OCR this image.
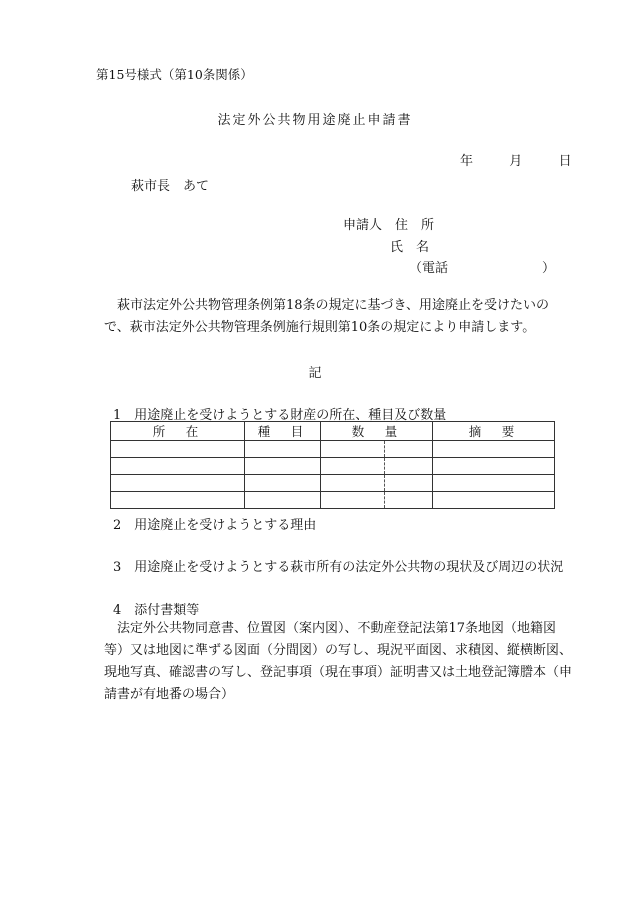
第15号様式（第10条関係）
法定外公共物用途廃止申請書
年	月	日
萩市長　あて
申請人　住　所
氏　名
（電話	）
萩市法定外公共物管理条例第18条の規定に基づき、用途廃止を受けたいので、萩市法定外公共物管理条例施行規則第10条の規定により申請します。
記
1　用途廃止を受けようとする財産の所在、種目及び数量
所　在	種　目	数　量		摘　要

2　用途廃止を受けようとする理由
3　用途廃止を受けようとする萩市所有の法定外公共物の現状及び周辺の状況
4　添付書類等
法定外公共物同意書、位置図（案内図）、不動産登記法第17条地図（地籍図等）又は地図に準ずる図面（分間図）の写し、現況平面図、求積図、縦横断図、現地写真、確認書の写し、登記事項（現在事項）証明書又は土地登記簿謄本（申請書が有地番の場合）
